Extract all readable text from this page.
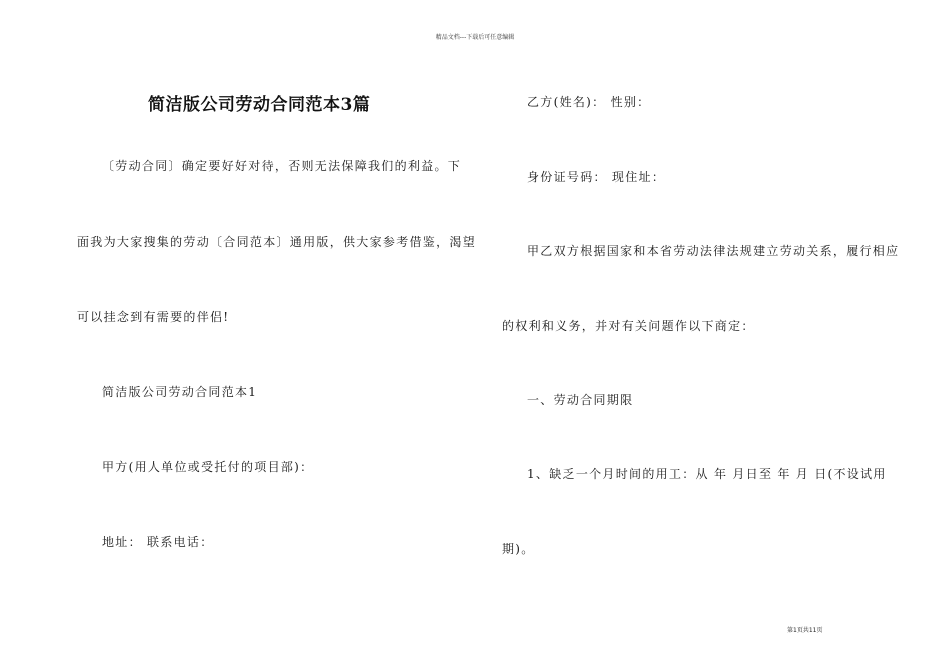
精品文档---下载后可任意编辑
简洁版公司劳动合同范本3篇
〔劳动合同〕确定要好好对待，否则无法保障我们的利益。下
面我为大家搜集的劳动〔合同范本〕通用版，供大家参考借鉴，渴望
可以挂念到有需要的伴侣!
简洁版公司劳动合同范本1
甲方(用人单位或受托付的项目部)：
地址： 联系电话：
乙方(姓名)： 性别：
身份证号码： 现住址：
甲乙双方根据国家和本省劳动法律法规建立劳动关系，履行相应
的权利和义务，并对有关问题作以下商定：
一、劳动合同期限
1、缺乏一个月时间的用工：从 年 月日至 年 月 日(不设试用
期)。
第1页共11页
